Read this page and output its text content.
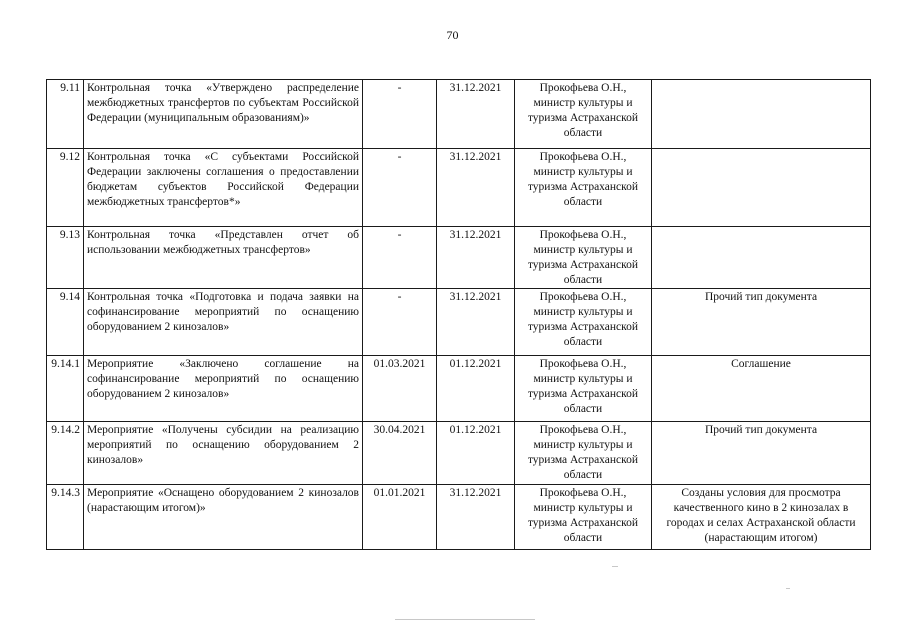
70
9.11	Контрольная точка «Утверждено распределение межбюджетных трансфертов по субъектам Российской Федерации (муниципальным образованиям)»	-	31.12.2021	Прокофьева О.Н., министр культуры и туризма Астраханской области	
9.12	Контрольная точка «С субъектами Российской Федерации заключены соглашения о предоставлении бюджетам субъектов Российской Федерации межбюджетных трансфертов*»	-	31.12.2021	Прокофьева О.Н., министр культуры и туризма Астраханской области	
9.13	Контрольная точка «Представлен отчет об использовании межбюджетных трансфертов»	-	31.12.2021	Прокофьева О.Н., министр культуры и туризма Астраханской области	
9.14	Контрольная точка «Подготовка и подача заявки на софинансирование мероприятий по оснащению оборудованием 2 кинозалов»	-	31.12.2021	Прокофьева О.Н., министр культуры и туризма Астраханской области	Прочий тип документа
9.14.1	Мероприятие «Заключено соглашение на софинансирование мероприятий по оснащению оборудованием 2 кинозалов»	01.03.2021	01.12.2021	Прокофьева О.Н., министр культуры и туризма Астраханской области	Соглашение
9.14.2	Мероприятие «Получены субсидии на реализацию мероприятий по оснащению оборудованием 2 кинозалов»	30.04.2021	01.12.2021	Прокофьева О.Н., министр культуры и туризма Астраханской области	Прочий тип документа
9.14.3	Мероприятие «Оснащено оборудованием 2 кинозалов (нарастающим итогом)»	01.01.2021	31.12.2021	Прокофьева О.Н., министр культуры и туризма Астраханской области	Созданы условия для просмотра качественного кино в 2 кинозалах в городах и селах Астраханской области (нарастающим итогом)
